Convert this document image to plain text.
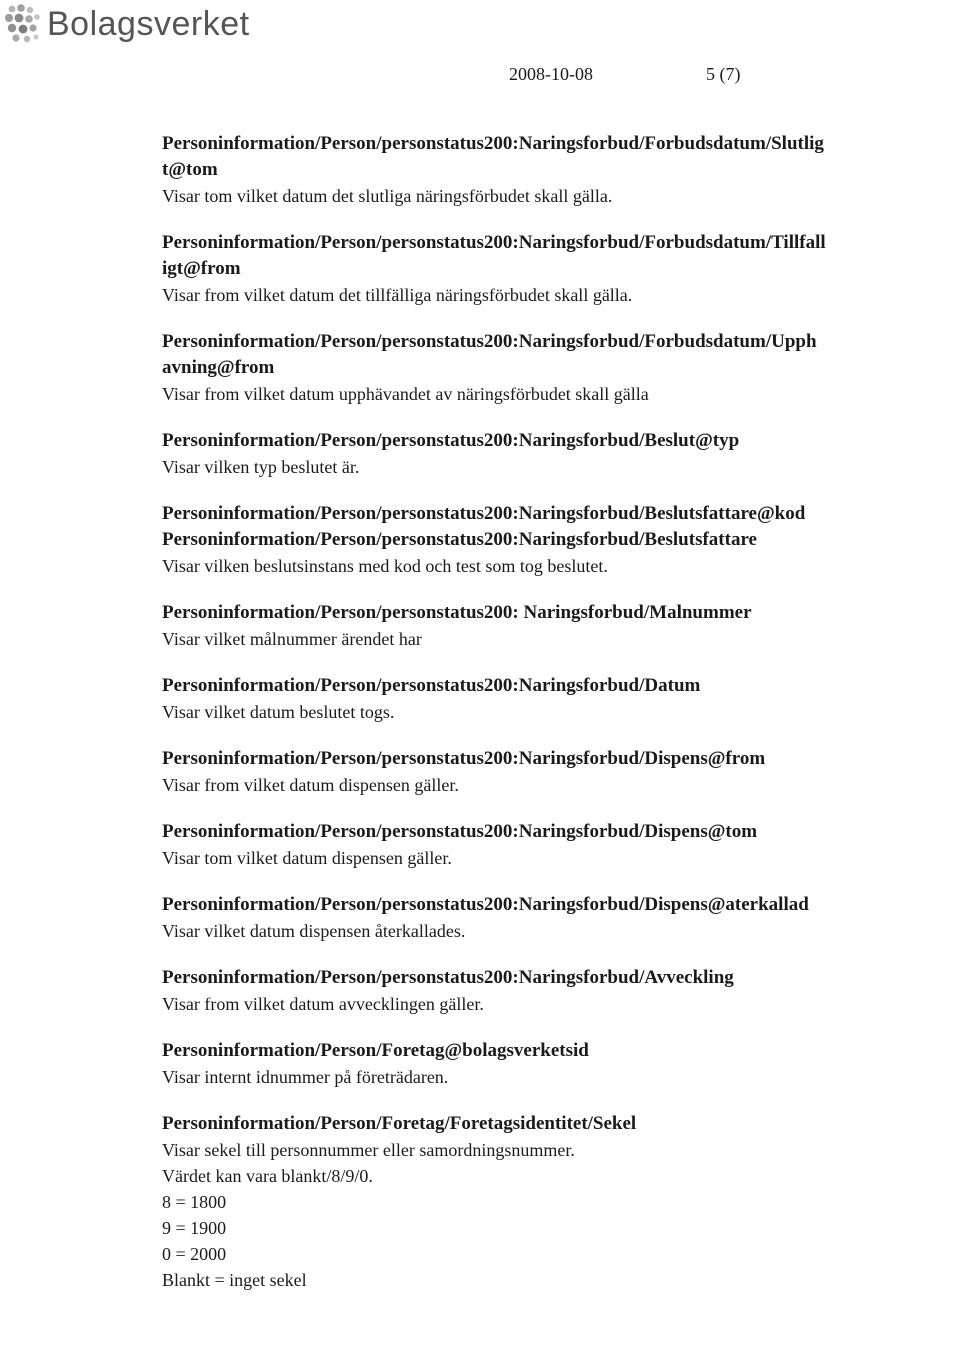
Bolagsverket
2008-10-08	5 (7)
Personinformation/Person/personstatus200:Naringsforbud/Forbudsdatum/Slutlig
t@tom
Visar tom vilket datum det slutliga näringsförbudet skall gälla.
Personinformation/Person/personstatus200:Naringsforbud/Forbudsdatum/Tillfall
igt@from
Visar from vilket datum det tillfälliga näringsförbudet skall gälla.
Personinformation/Person/personstatus200:Naringsforbud/Forbudsdatum/Upph
avning@from
Visar from vilket datum upphävandet av näringsförbudet skall gälla
Personinformation/Person/personstatus200:Naringsforbud/Beslut@typ
Visar vilken typ beslutet är.
Personinformation/Person/personstatus200:Naringsforbud/Beslutsfattare@kod
Personinformation/Person/personstatus200:Naringsforbud/Beslutsfattare
Visar vilken beslutsinstans med kod och test som tog beslutet.
Personinformation/Person/personstatus200: Naringsforbud/Malnummer
Visar vilket målnummer ärendet har
Personinformation/Person/personstatus200:Naringsforbud/Datum
Visar vilket datum beslutet togs.
Personinformation/Person/personstatus200:Naringsforbud/Dispens@from
Visar from vilket datum dispensen gäller.
Personinformation/Person/personstatus200:Naringsforbud/Dispens@tom
Visar tom vilket datum dispensen gäller.
Personinformation/Person/personstatus200:Naringsforbud/Dispens@aterkallad
Visar vilket datum dispensen återkallades.
Personinformation/Person/personstatus200:Naringsforbud/Avveckling
Visar from vilket datum avvecklingen gäller.
Personinformation/Person/Foretag@bolagsverketsid
Visar internt idnummer på företrädaren.
Personinformation/Person/Foretag/Foretagsidentitet/Sekel
Visar sekel till personnummer eller samordningsnummer.
Värdet kan vara blankt/8/9/0.
8 = 1800
9 = 1900
0 = 2000
Blankt = inget sekel
